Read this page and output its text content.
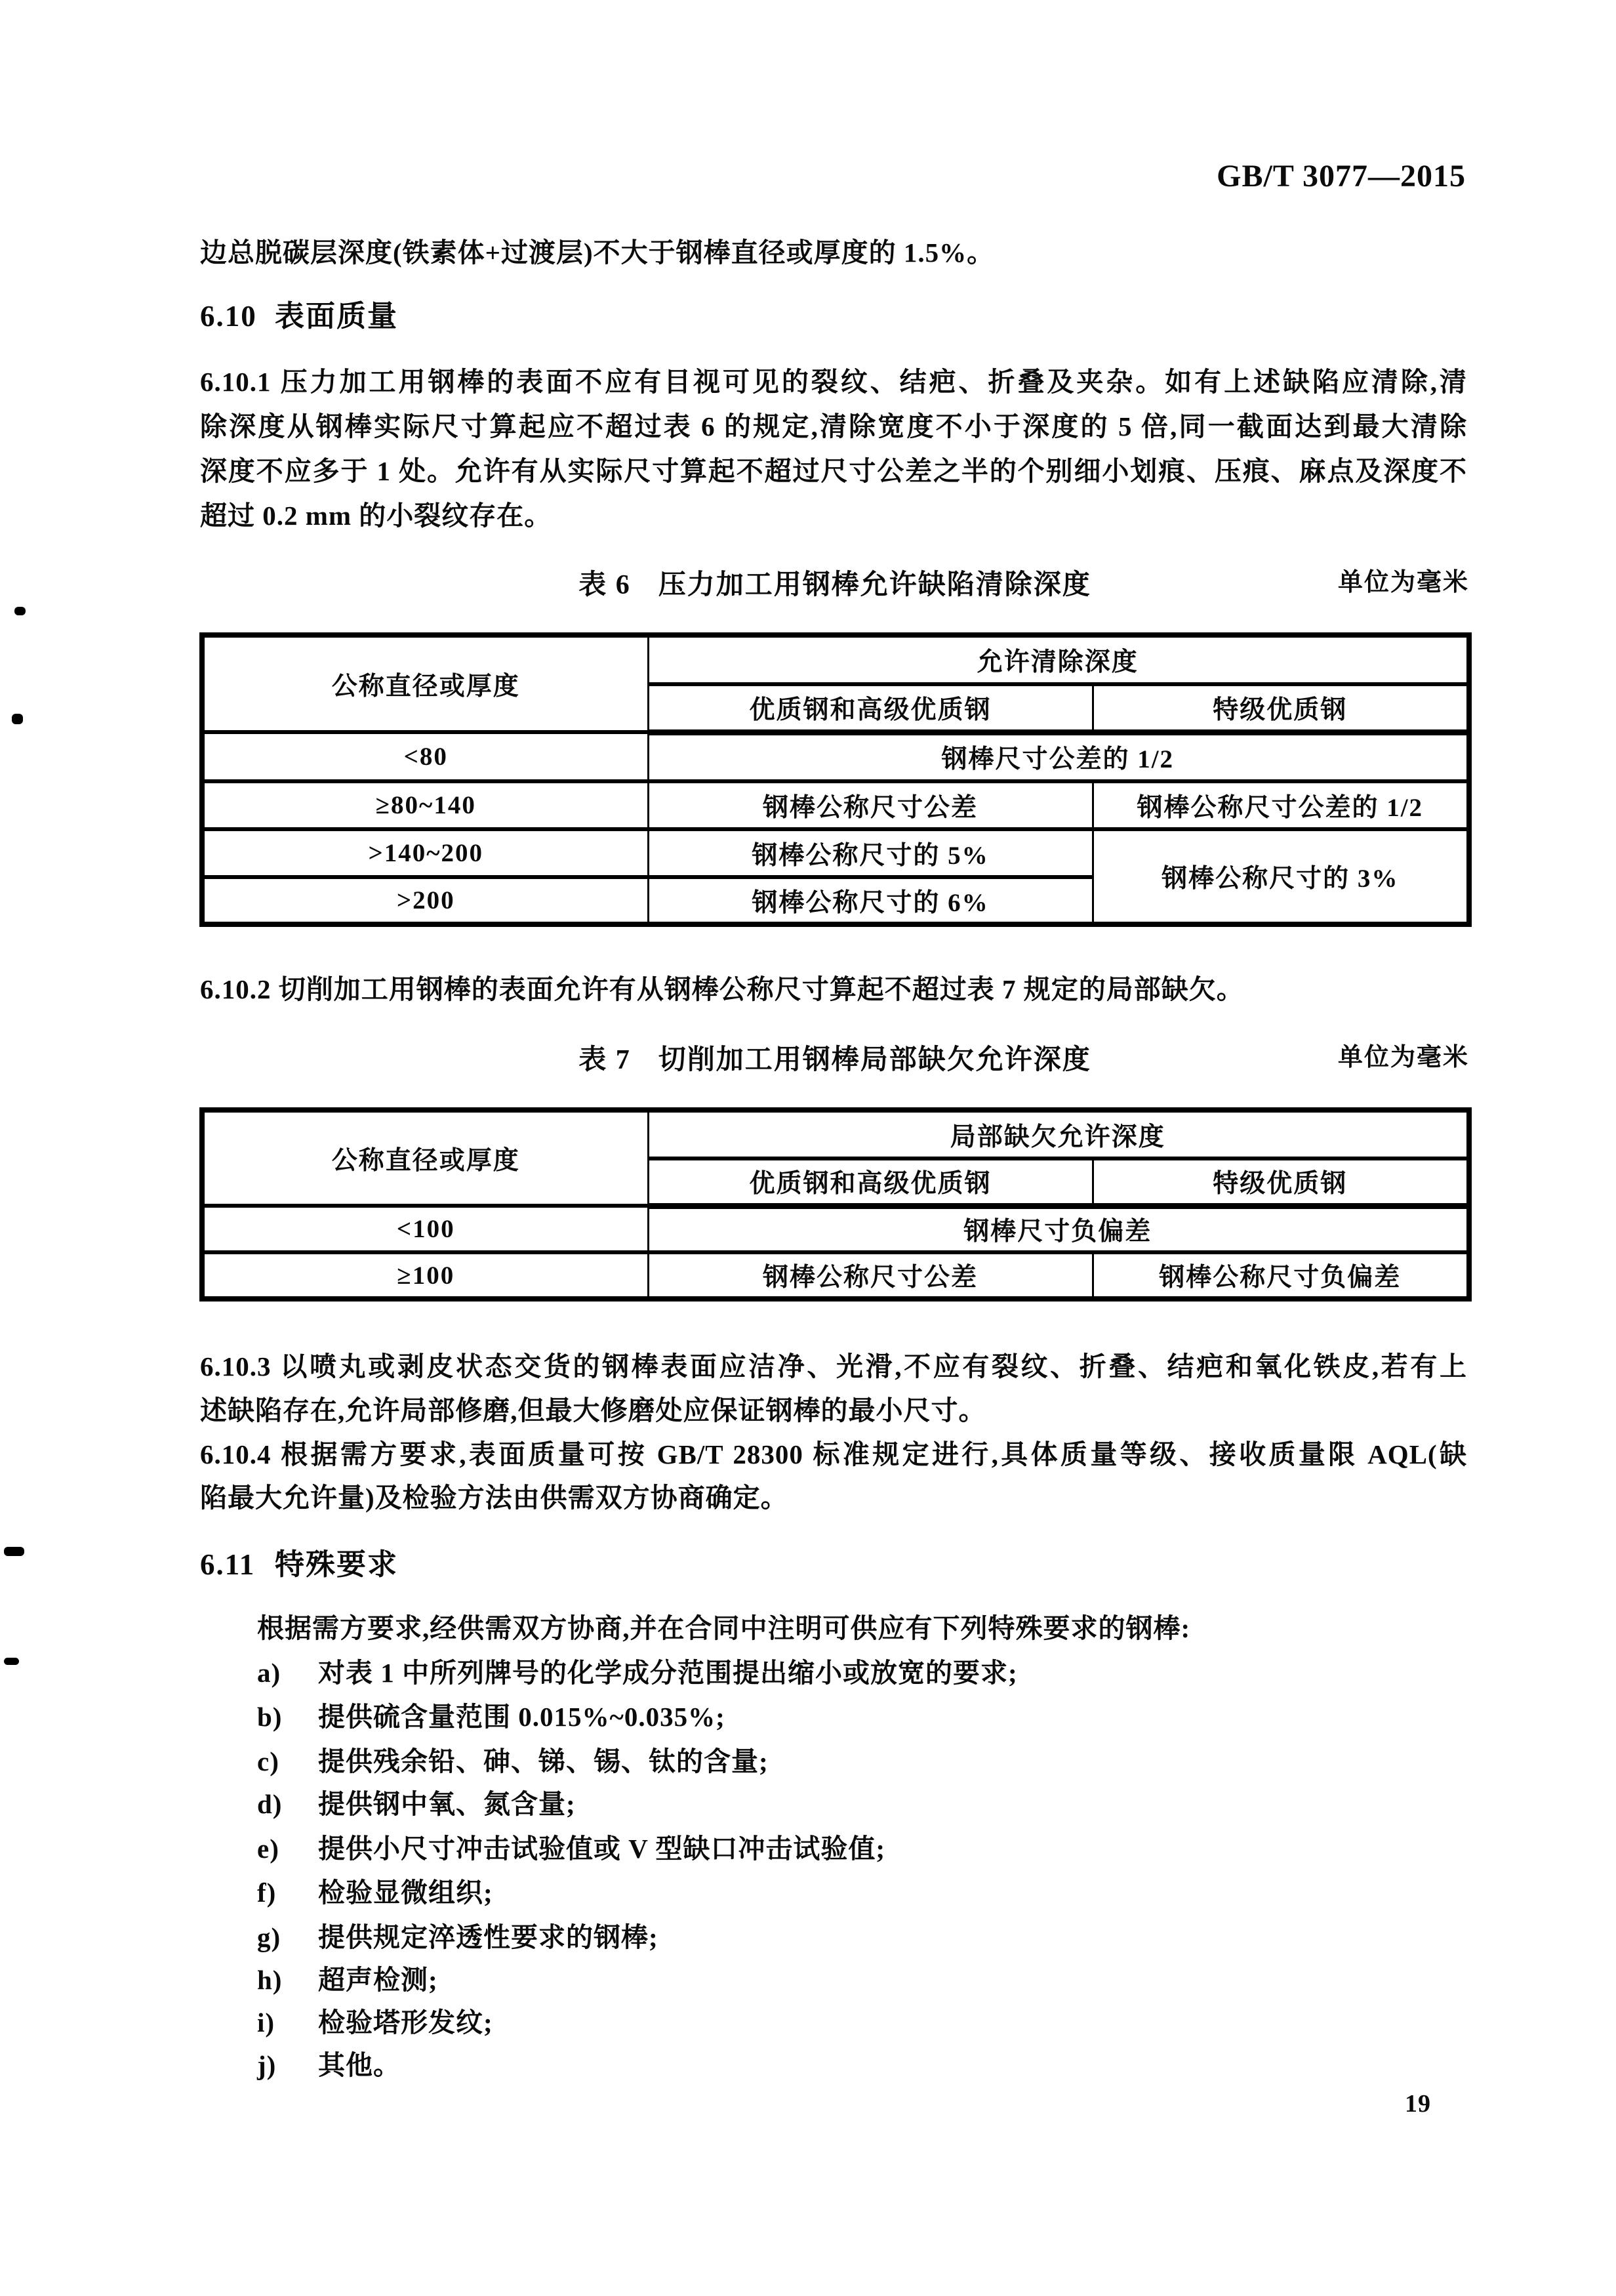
GB/T 3077—2015
边总脱碳层深度(铁素体+过渡层)不大于钢棒直径或厚度的 1.5%。
6.10 表面质量
6.10.1 压力加工用钢棒的表面不应有目视可见的裂纹、结疤、折叠及夹杂。如有上述缺陷应清除,清
除深度从钢棒实际尺寸算起应不超过表 6 的规定,清除宽度不小于深度的 5 倍,同一截面达到最大清除
深度不应多于 1 处。允许有从实际尺寸算起不超过尺寸公差之半的个别细小划痕、压痕、麻点及深度不
超过 0.2 mm 的小裂纹存在。
表 6 压力加工用钢棒允许缺陷清除深度	单位为毫米
公称直径或厚度	允许清除深度	
	优质钢和高级优质钢	特级优质钢
<80	钢棒尺寸公差的 1/2	
≥80~140	钢棒公称尺寸公差	钢棒公称尺寸公差的 1/2
>140~200	钢棒公称尺寸的 5%	钢棒公称尺寸的 3%
>200	钢棒公称尺寸的 6%	
6.10.2 切削加工用钢棒的表面允许有从钢棒公称尺寸算起不超过表 7 规定的局部缺欠。
表 7 切削加工用钢棒局部缺欠允许深度	单位为毫米
公称直径或厚度	局部缺欠允许深度	
	优质钢和高级优质钢	特级优质钢
<100	钢棒尺寸负偏差	
≥100	钢棒公称尺寸公差	钢棒公称尺寸负偏差
6.10.3 以喷丸或剥皮状态交货的钢棒表面应洁净、光滑,不应有裂纹、折叠、结疤和氧化铁皮,若有上
述缺陷存在,允许局部修磨,但最大修磨处应保证钢棒的最小尺寸。
6.10.4 根据需方要求,表面质量可按 GB/T 28300 标准规定进行,具体质量等级、接收质量限 AQL(缺
陷最大允许量)及检验方法由供需双方协商确定。
6.11 特殊要求
根据需方要求,经供需双方协商,并在合同中注明可供应有下列特殊要求的钢棒:
a) 对表 1 中所列牌号的化学成分范围提出缩小或放宽的要求;
b) 提供硫含量范围 0.015%~0.035%;
c) 提供残余铅、砷、锑、锡、钛的含量;
d) 提供钢中氧、氮含量;
e) 提供小尺寸冲击试验值或 V 型缺口冲击试验值;
f) 检验显微组织;
g) 提供规定淬透性要求的钢棒;
h) 超声检测;
i) 检验塔形发纹;
j) 其他。
19
